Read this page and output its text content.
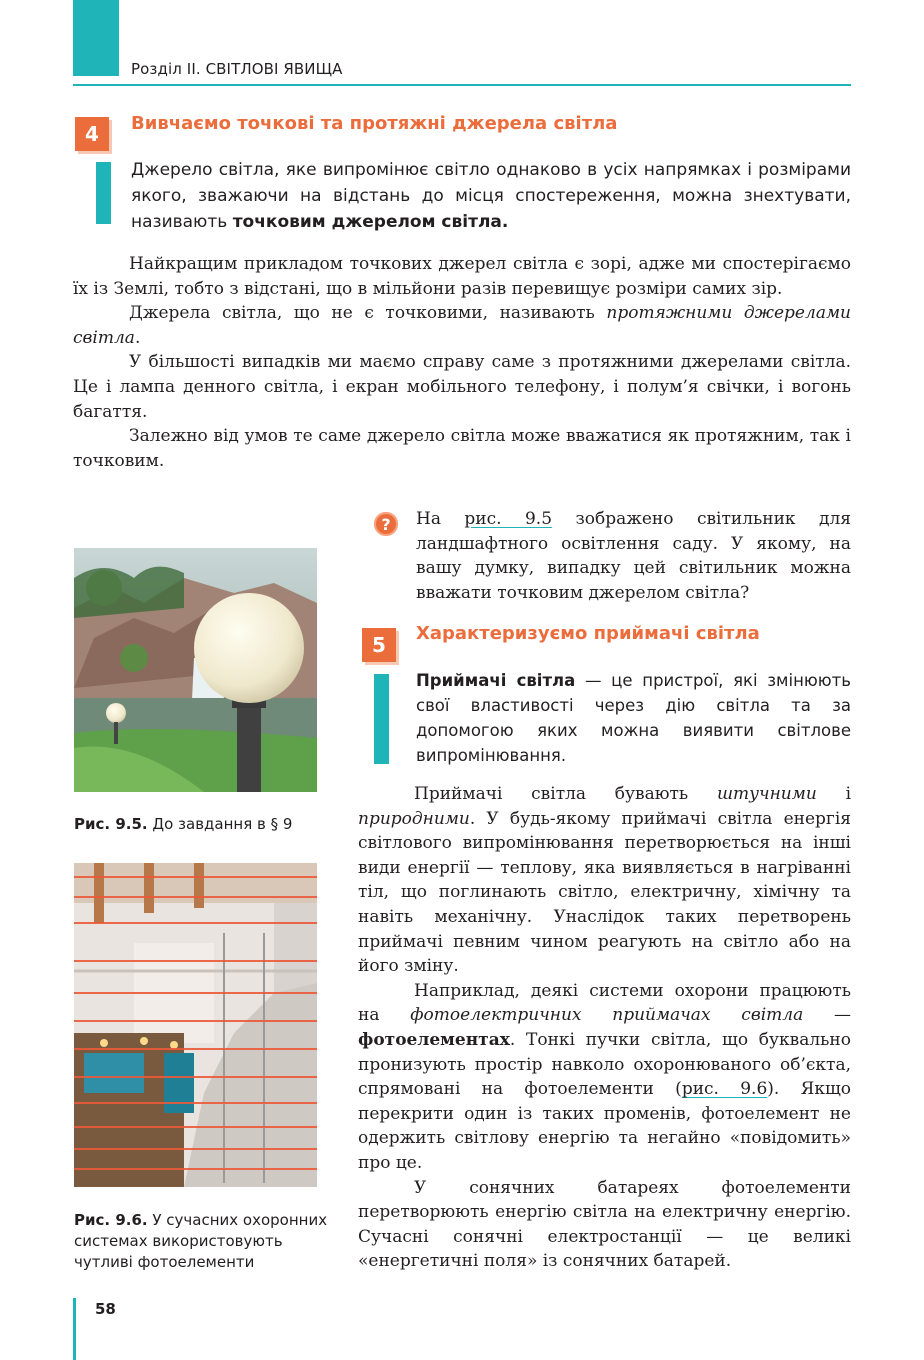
Розділ ІІ. СВІТЛОВІ ЯВИЩА
4	Вивчаємо точкові та протяжні джерела світла
Джерело світла, яке випромінює світло однаково в усіх напрямках і розмірами якого, зважаючи на відстань до місця спостереження, можна знехтувати, називають точковим джерелом світла.

Найкращим прикладом точкових джерел світла є зорі, адже ми спостерігаємо їх із Землі, тобто з відстані, що в мільйони разів перевищує розміри самих зір.

Джерела світла, що не є точковими, називають протяжними джерелами світла.

У більшості випадків ми маємо справу саме з протяжними джерелами світла. Це і лампа денного світла, і екран мобільного телефону, і полум’я свічки, і вогонь багаття.

Залежно від умов те саме джерело світла може вважатися як протяжним, так і точковим.

Рис. 9.5. До завдання в § 9
Рис. 9.6. У сучасних охоронних системах використовують чутливі фотоелементи
?	На рис. 9.5 зображено світильник для ландшафтного освітлення саду. У якому, на вашу думку, випадку цей світильник можна вважати точковим джерелом світла?

5	Характеризуємо приймачі світла
Приймачі світла — це пристрої, які змінюють свої властивості через дію світла та за допомогою яких можна виявити світлове випромінювання.

Приймачі світла бувають штучними і природними. У будь-якому приймачі світла енергія світлового випромінювання перетворюється на інші види енергії — теплову, яка виявляється в нагріванні тіл, що поглинають світло, електричну, хімічну та навіть механічну. Унаслідок таких перетворень приймачі певним чином реагують на світло або на його зміну.

Наприклад, деякі системи охорони працюють на фотоелектричних приймачах світла — фотоелементах. Тонкі пучки світла, що буквально пронизують простір навколо охоронюваного об’єкта, спрямовані на фотоелементи (рис. 9.6). Якщо перекрити один із таких променів, фотоелемент не одержить світлову енергію та негайно «повідомить» про це.

У сонячних батареях фотоелементи перетворюють енергію світла на електричну енергію. Сучасні сонячні електростанції — це великі «енергетичні поля» із сонячних батарей.

58
